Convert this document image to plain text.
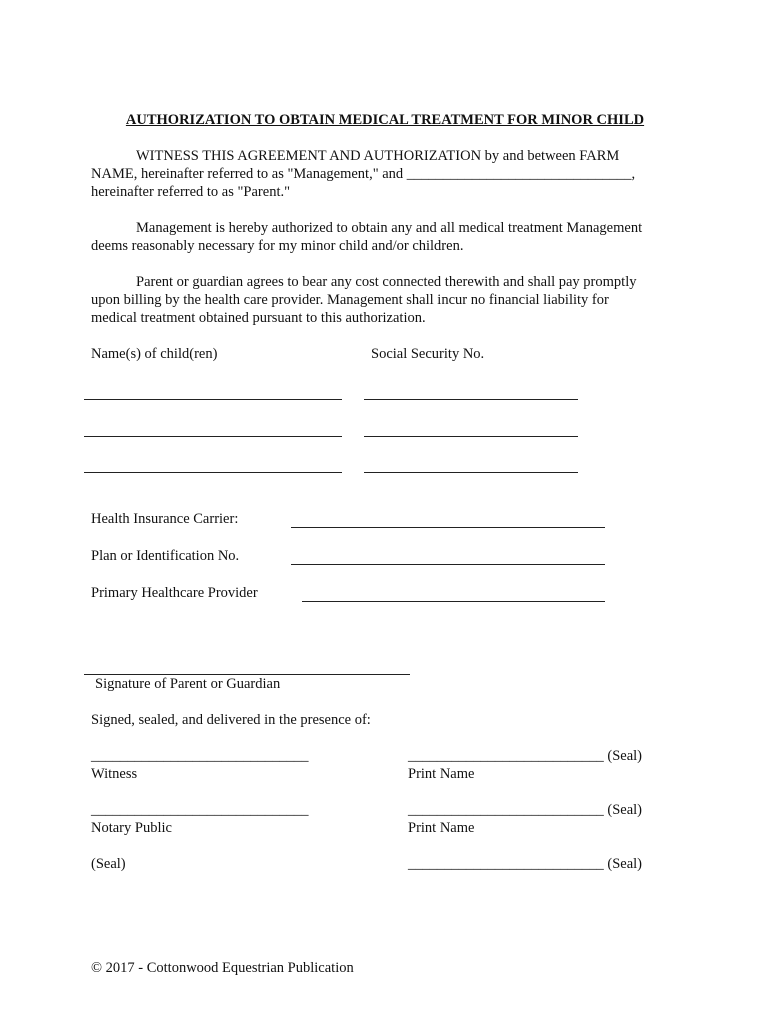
AUTHORIZATION TO OBTAIN MEDICAL TREATMENT FOR MINOR CHILD
WITNESS THIS AGREEMENT AND AUTHORIZATION by and between FARM
NAME, hereinafter referred to as "Management," and _______________________________,
hereinafter referred to as "Parent."
Management is hereby authorized to obtain any and all medical treatment Management
deems reasonably necessary for my minor child and/or children.
Parent or guardian agrees to bear any cost connected therewith and shall pay promptly
upon billing by the health care provider. Management shall incur no financial liability for
medical treatment obtained pursuant to this authorization.
Name(s) of child(ren)	Social Security No.
Health Insurance Carrier:
Plan or Identification No.
Primary Healthcare Provider
Signature of Parent or Guardian
Signed, sealed, and delivered in the presence of:
______________________________	___________________________ (Seal)
Witness	Print Name
______________________________	___________________________ (Seal)
Notary Public	Print Name
(Seal)	___________________________ (Seal)
© 2017 - Cottonwood Equestrian Publication
